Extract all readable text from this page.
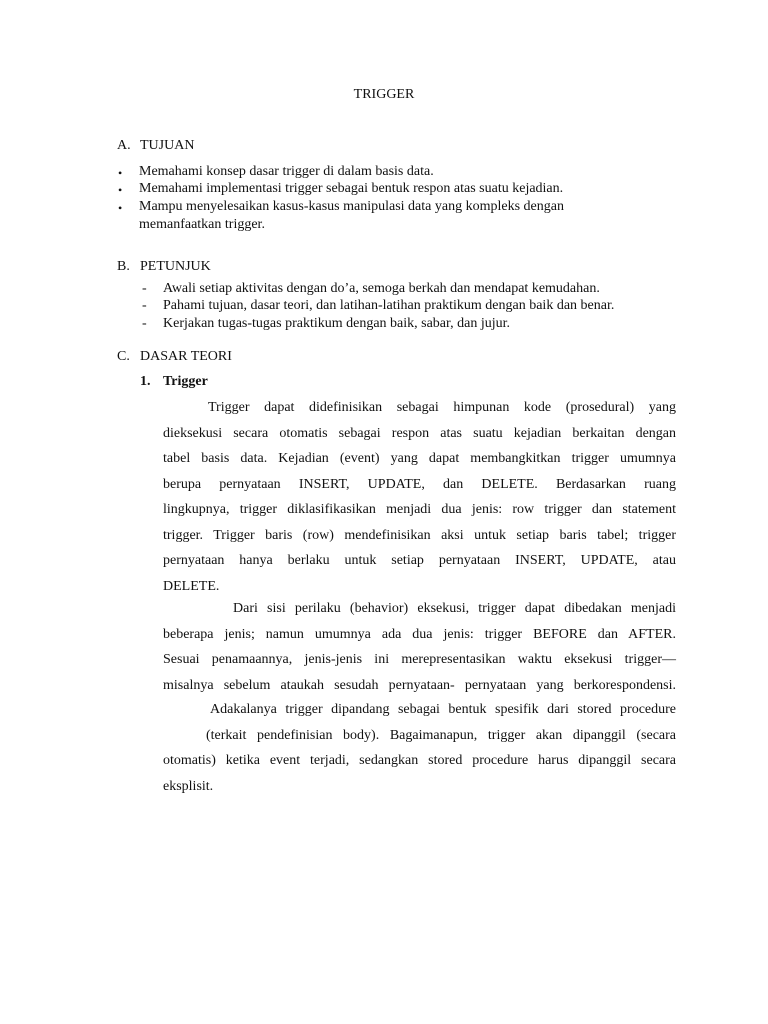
TRIGGER
A. TUJUAN
• Memahami konsep dasar trigger di dalam basis data.
• Memahami implementasi trigger sebagai bentuk respon atas suatu kejadian.
• Mampu menyelesaikan kasus-kasus manipulasi data yang kompleks dengan
memanfaatkan trigger.
B. PETUNJUK
- Awali setiap aktivitas dengan do’a, semoga berkah dan mendapat kemudahan.
- Pahami tujuan, dasar teori, dan latihan-latihan praktikum dengan baik dan benar.
- Kerjakan tugas-tugas praktikum dengan baik, sabar, dan jujur.
C. DASAR TEORI
1. Trigger
Trigger dapat didefinisikan sebagai himpunan kode (prosedural) yang
dieksekusi secara otomatis sebagai respon atas suatu kejadian berkaitan dengan
tabel basis data. Kejadian (event) yang dapat membangkitkan trigger umumnya
berupa pernyataan INSERT, UPDATE, dan DELETE. Berdasarkan ruang
lingkupnya, trigger diklasifikasikan menjadi dua jenis: row trigger dan statement
trigger. Trigger baris (row) mendefinisikan aksi untuk setiap baris tabel; trigger
pernyataan hanya berlaku untuk setiap pernyataan INSERT, UPDATE, atau
DELETE.
Dari sisi perilaku (behavior) eksekusi, trigger dapat dibedakan menjadi
beberapa jenis; namun umumnya ada dua jenis: trigger BEFORE dan AFTER.
Sesuai penamaannya, jenis-jenis ini merepresentasikan waktu eksekusi trigger—
misalnya sebelum ataukah sesudah pernyataan- pernyataan yang berkorespondensi.
Adakalanya trigger dipandang sebagai bentuk spesifik dari stored procedure
(terkait pendefinisian body). Bagaimanapun, trigger akan dipanggil (secara
otomatis) ketika event terjadi, sedangkan stored procedure harus dipanggil secara
eksplisit.
